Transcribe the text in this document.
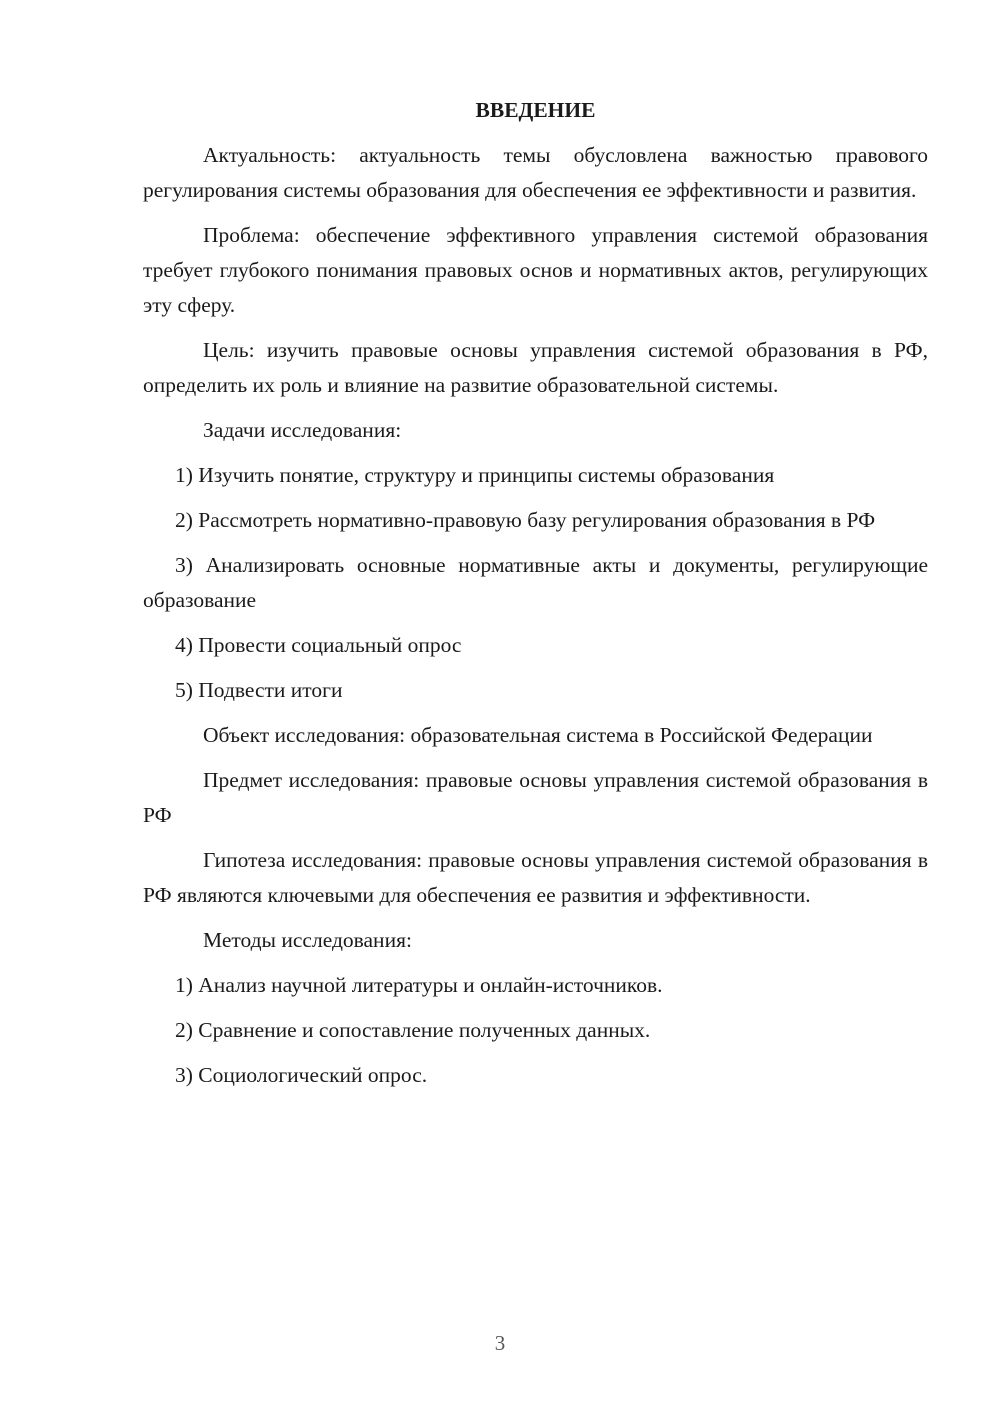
ВВЕДЕНИЕ

Актуальность: актуальность темы обусловлена важностью правового регулирования системы образования для обеспечения ее эффективности и развития.

Проблема: обеспечение эффективного управления системой образования требует глубокого понимания правовых основ и нормативных актов, регулирующих эту сферу.

Цель: изучить правовые основы управления системой образования в РФ, определить их роль и влияние на развитие образовательной системы.

Задачи исследования:

1) Изучить понятие, структуру и принципы системы образования

2) Рассмотреть нормативно-правовую базу регулирования образования в РФ

3) Анализировать основные нормативные акты и документы, регулирующие образование

4) Провести социальный опрос

5) Подвести итоги

Объект исследования: образовательная система в Российской Федерации

Предмет исследования: правовые основы управления системой образования в РФ

Гипотеза исследования: правовые основы управления системой образования в РФ являются ключевыми для обеспечения ее развития и эффективности.

Методы исследования:

1) Анализ научной литературы и онлайн-источников.

2) Сравнение и сопоставление полученных данных.

3) Социологический опрос.

3
